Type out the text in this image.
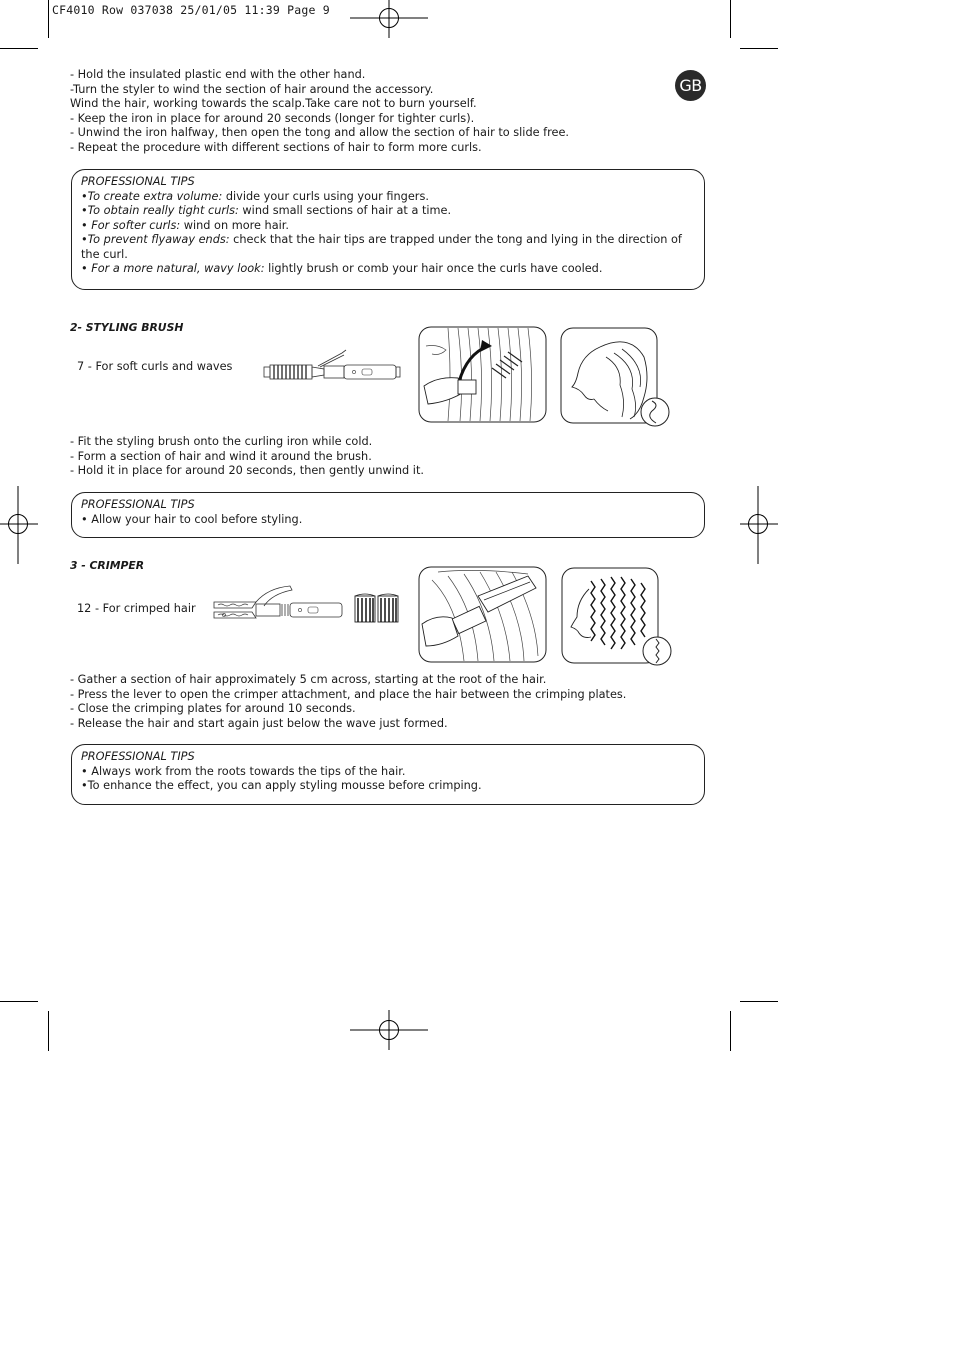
CF4010 Row 037038 25/01/05 11:39 Page 9
GB
- Hold the insulated plastic end with the other hand.
-Turn the styler to wind the section of hair around the accessory.
Wind the hair, working towards the scalp.Take care not to burn yourself.
- Keep the iron in place for around 20 seconds (longer for tighter curls).
- Unwind the iron halfway, then open the tong and allow the section of hair to slide free.
- Repeat the procedure with different sections of hair to form more curls.
PROFESSIONAL TIPS
•To create extra volume: divide your curls using your fingers.
•To obtain really tight curls: wind small sections of hair at a time.
• For softer curls: wind on more hair.
•To prevent flyaway ends: check that the hair tips are trapped under the tong and lying in the direction of
the curl.
• For a more natural, wavy look: lightly brush or comb your hair once the curls have cooled.
2- STYLING BRUSH
7 - For soft curls and waves
- Fit the styling brush onto the curling iron while cold.
- Form a section of hair and wind it around the brush.
- Hold it in place for around 20 seconds, then gently unwind it.
PROFESSIONAL TIPS
• Allow your hair to cool before styling.
3 - CRIMPER
12 - For crimped hair
- Gather a section of hair approximately 5 cm across, starting at the root of the hair.
- Press the lever to open the crimper attachment, and place the hair between the crimping plates.
- Close the crimping plates for around 10 seconds.
- Release the hair and start again just below the wave just formed.
PROFESSIONAL TIPS
• Always work from the roots towards the tips of the hair.
•To enhance the effect, you can apply styling mousse before crimping.
